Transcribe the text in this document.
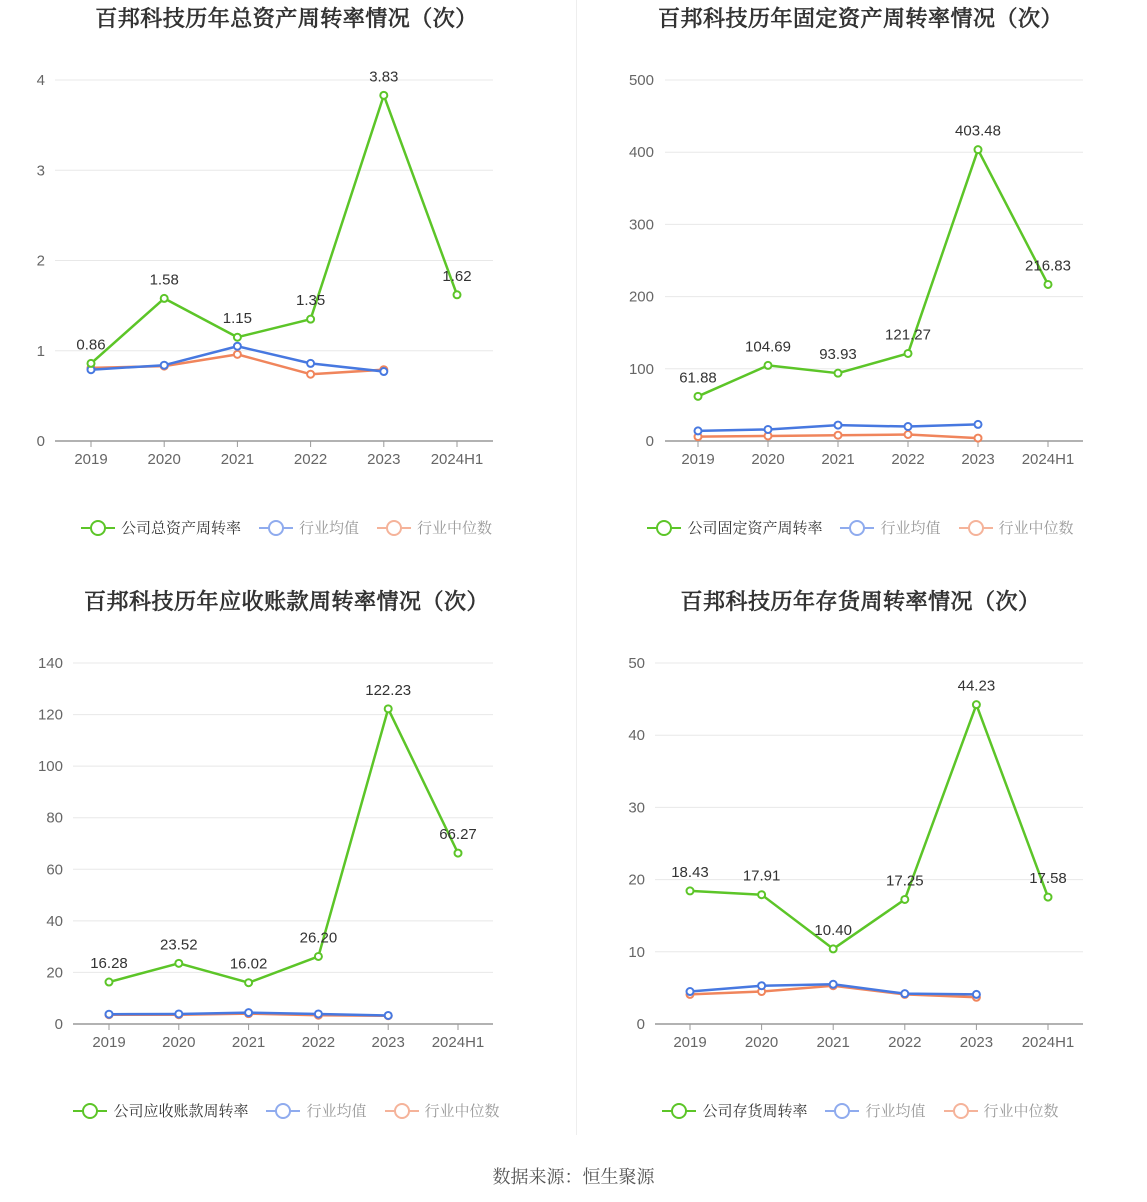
百邦科技历年总资产周转率情况（次）
0
1
2
3
4
2019	2020	2021	2022	2023 2024H1
0.86
1.58
1.15
1.35
3.83
1.62
公司总资产周转率	行业均值	行业中位数
百邦科技历年固定资产周转率情况（次）
0
100
200
300
400
500
2019 2020 2021 2022 2023 2024H1
61.88
104.69 93.93
121.27
403.48
216.83
公司固定资产周转率	行业均值	行业中位数
百邦科技历年应收账款周转率情况（次）
0
20
40
60
80
100
120
140
2019 2020 2021 2022 2023 2024H1
16.28
23.52
16.02
26.20
122.23
66.27
公司应收账款周转率	行业均值	行业中位数
百邦科技历年存货周转率情况（次）
0
10
20
30
40
50
2019	2020	2021	2022	2023 2024H1
18.43 17.91
10.40
17.25
44.23
17.58
公司存货周转率	行业均值	行业中位数
数据来源：恒生聚源
